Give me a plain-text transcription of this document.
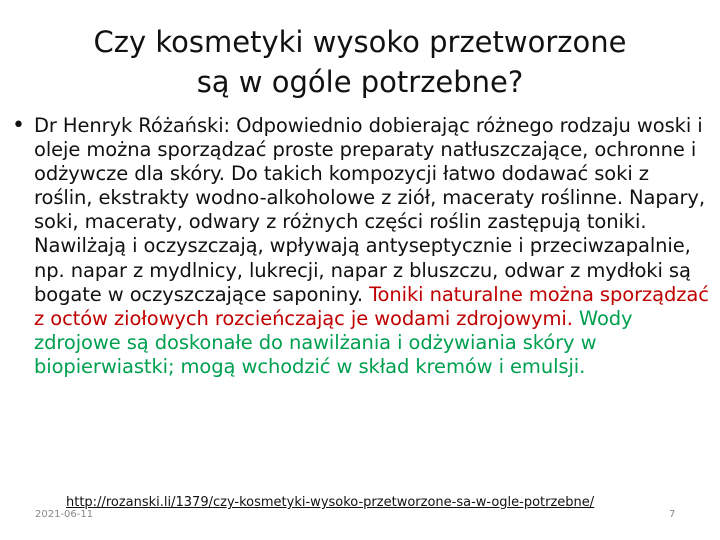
Czy kosmetyki wysoko przetworzone
są w ogóle potrzebne?
• Dr Henryk Różański: Odpowiednio dobierając różnego rodzaju woski i oleje można sporządzać proste preparaty natłuszczające, ochronne i odżywcze dla skóry. Do takich kompozycji łatwo dodawać soki z roślin, ekstrakty wodno-alkoholowe z ziół, maceraty roślinne. Napary, soki, maceraty, odwary z różnych części roślin zastępują toniki. Nawilżają i oczyszczają, wpływają antyseptycznie i przeciwzapalnie, np. napar z mydlnicy, lukrecji, napar z bluszczu, odwar z mydłoki są bogate w oczyszczające saponiny. Toniki naturalne można sporządzać z octów ziołowych rozcieńczając je wodami zdrojowymi. Wody zdrojowe są doskonałe do nawilżania i odżywiania skóry w biopierwiastki; mogą wchodzić w skład kremów i emulsji.

http://rozanski.li/1379/czy-kosmetyki-wysoko-przetworzone-sa-w-ogle-potrzebne/
2021-06-11	7
